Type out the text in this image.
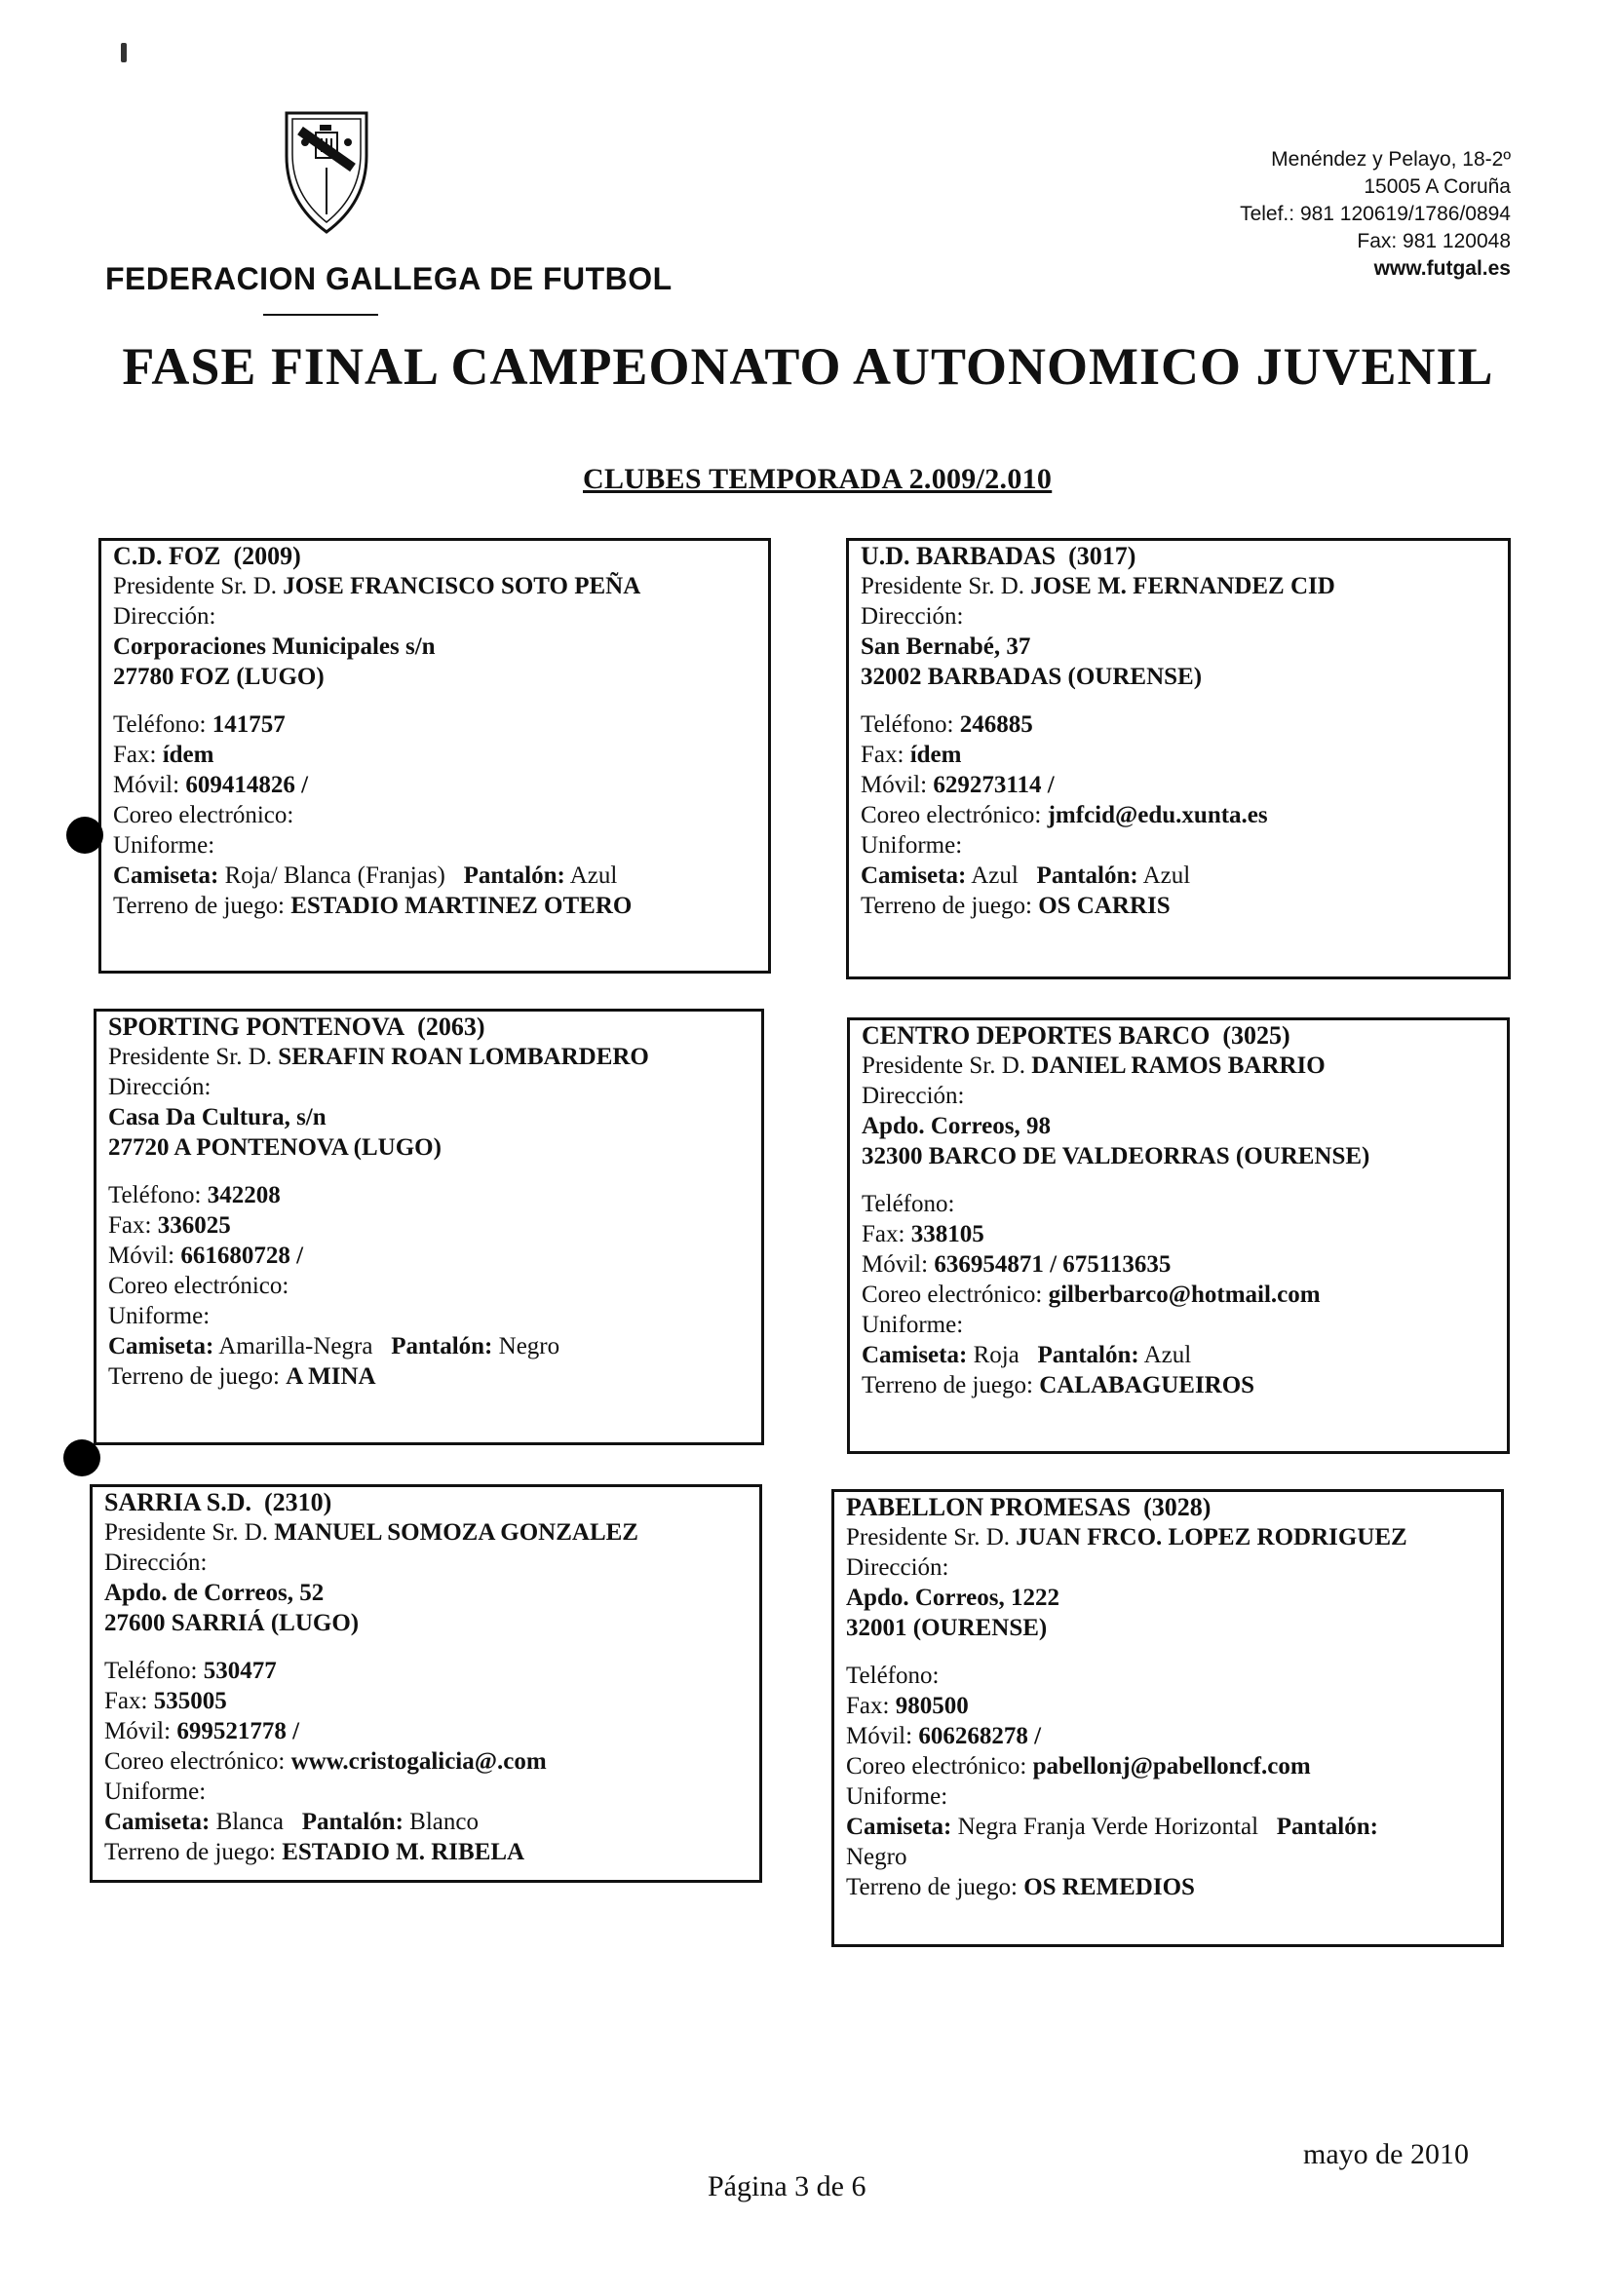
FEDERACION GALLEGA DE FUTBOL
Menéndez y Pelayo, 18-2º
15005 A Coruña
Telef.: 981 120619/1786/0894
Fax: 981 120048
www.futgal.es
FASE FINAL CAMPEONATO AUTONOMICO JUVENIL
CLUBES TEMPORADA 2.009/2.010
C.D. FOZ (2009)
Presidente Sr. D. JOSE FRANCISCO SOTO PEÑA
Dirección:
Corporaciones Municipales s/n
27780 FOZ (LUGO)
Teléfono: 141757
Fax: ídem
Móvil: 609414826 /
Coreo electrónico:
Uniforme:
Camiseta: Roja/ Blanca (Franjas) Pantalón: Azul
Terreno de juego: ESTADIO MARTINEZ OTERO
U.D. BARBADAS (3017)
Presidente Sr. D. JOSE M. FERNANDEZ CID
Dirección:
San Bernabé, 37
32002 BARBADAS (OURENSE)
Teléfono: 246885
Fax: ídem
Móvil: 629273114 /
Coreo electrónico: jmfcid@edu.xunta.es
Uniforme:
Camiseta: Azul Pantalón: Azul
Terreno de juego: OS CARRIS
SPORTING PONTENOVA (2063)
Presidente Sr. D. SERAFIN ROAN LOMBARDERO
Dirección:
Casa Da Cultura, s/n
27720 A PONTENOVA (LUGO)
Teléfono: 342208
Fax: 336025
Móvil: 661680728 /
Coreo electrónico:
Uniforme:
Camiseta: Amarilla-Negra Pantalón: Negro
Terreno de juego: A MINA
CENTRO DEPORTES BARCO (3025)
Presidente Sr. D. DANIEL RAMOS BARRIO
Dirección:
Apdo. Correos, 98
32300 BARCO DE VALDEORRAS (OURENSE)
Teléfono:
Fax: 338105
Móvil: 636954871 / 675113635
Coreo electrónico: gilberbarco@hotmail.com
Uniforme:
Camiseta: Roja Pantalón: Azul
Terreno de juego: CALABAGUEIROS
SARRIA S.D. (2310)
Presidente Sr. D. MANUEL SOMOZA GONZALEZ
Dirección:
Apdo. de Correos, 52
27600 SARRIÁ (LUGO)
Teléfono: 530477
Fax: 535005
Móvil: 699521778 /
Coreo electrónico: www.cristogalicia@.com
Uniforme:
Camiseta: Blanca Pantalón: Blanco
Terreno de juego: ESTADIO M. RIBELA
PABELLON PROMESAS (3028)
Presidente Sr. D. JUAN FRCO. LOPEZ RODRIGUEZ
Dirección:
Apdo. Correos, 1222
32001 (OURENSE)
Teléfono:
Fax: 980500
Móvil: 606268278 /
Coreo electrónico: pabellonj@pabelloncf.com
Uniforme:
Camiseta: Negra Franja Verde Horizontal Pantalón:
Negro
Terreno de juego: OS REMEDIOS
mayo de 2010
Página 3 de 6
